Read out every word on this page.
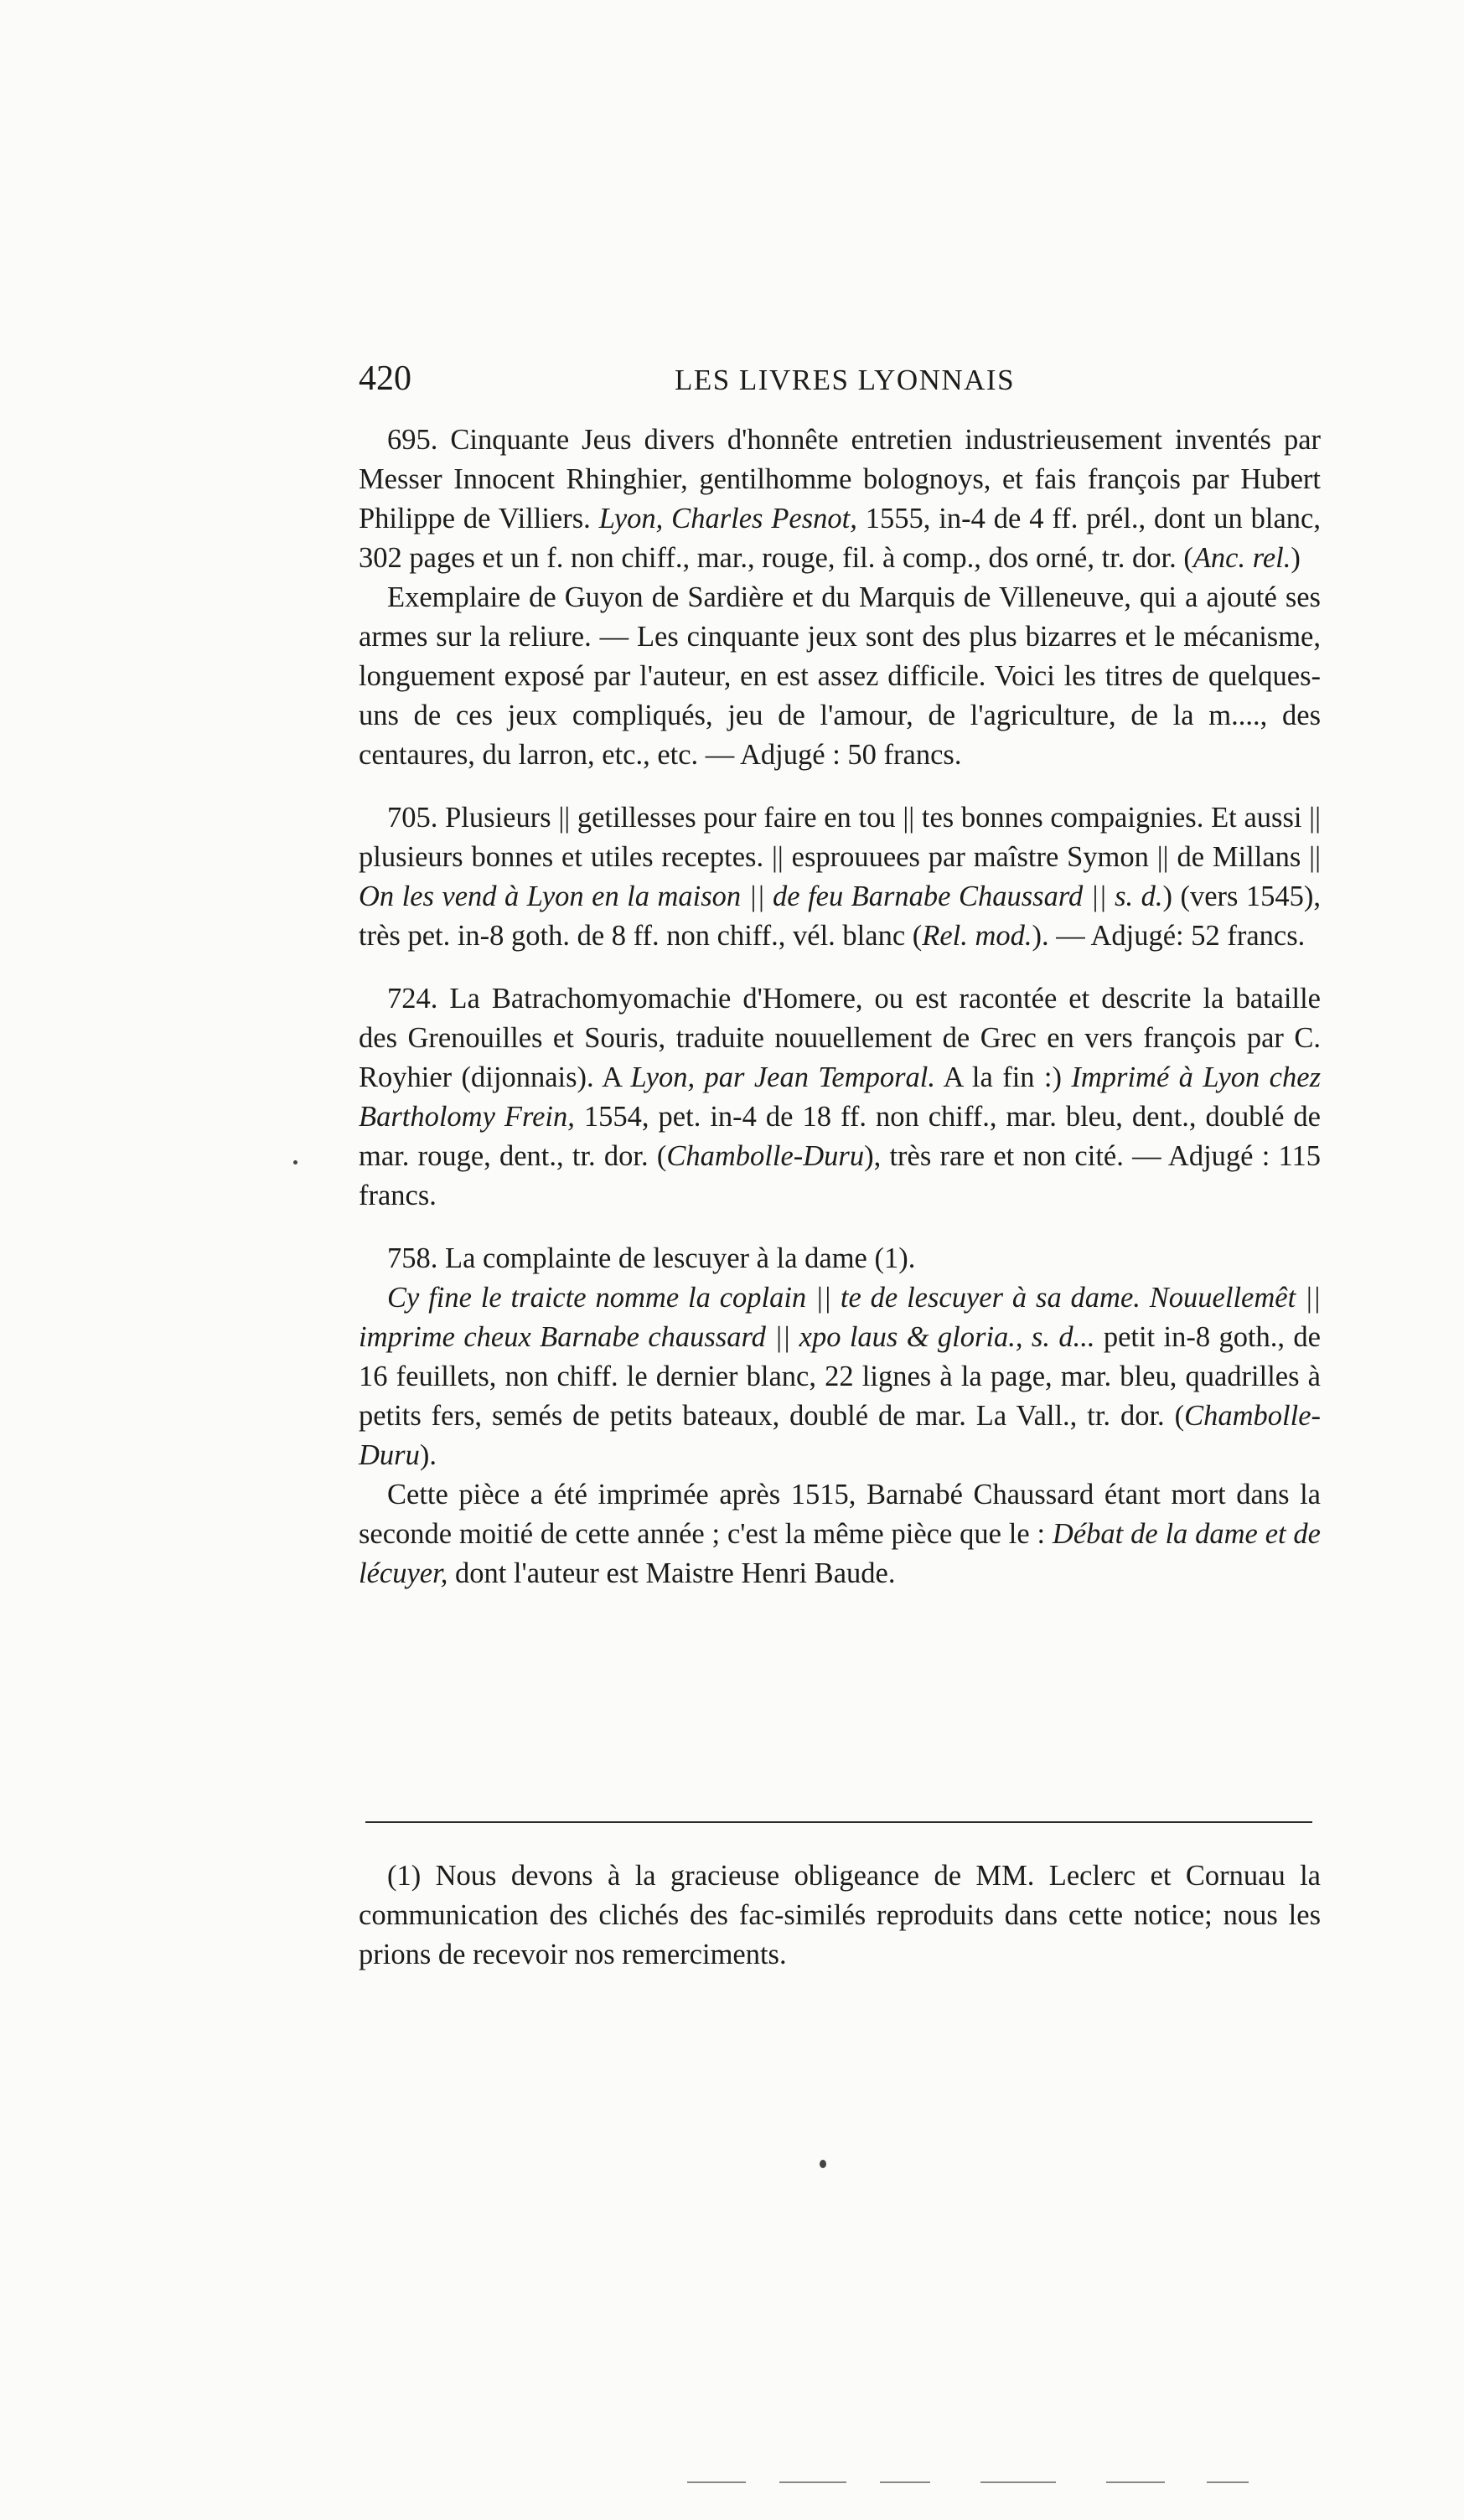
420	LES LIVRES LYONNAIS

695. Cinquante Jeus divers d'honnête entretien industrieusement inventés par Messer Innocent Rhinghier, gentilhomme bolognoys, et fais françois par Hubert Philippe de Villiers. Lyon, Charles Pesnot, 1555, in-4 de 4 ff. prél., dont un blanc, 302 pages et un f. non chiff., mar., rouge, fil. à comp., dos orné, tr. dor. (Anc. rel.)

Exemplaire de Guyon de Sardière et du Marquis de Villeneuve, qui a ajouté ses armes sur la reliure. — Les cinquante jeux sont des plus bizarres et le mécanisme, longuement exposé par l'auteur, en est assez difficile. Voici les titres de quelques-uns de ces jeux compliqués, jeu de l'amour, de l'agriculture, de la m...., des centaures, du larron, etc., etc. — Adjugé : 50 francs.

705. Plusieurs || getillesses pour faire en tou || tes bonnes compaignies. Et aussi || plusieurs bonnes et utiles receptes. || esprouuees par maîstre Symon || de Millans || On les vend à Lyon en la maison || de feu Barnabe Chaussard || s. d.) (vers 1545), très pet. in-8 goth. de 8 ff. non chiff., vél. blanc (Rel. mod.). — Adjugé: 52 francs.

724. La Batrachomyomachie d'Homere, ou est racontée et descrite la bataille des Grenouilles et Souris, traduite nouuellement de Grec en vers françois par C. Royhier (dijonnais). A Lyon, par Jean Temporal. A la fin :) Imprimé à Lyon chez Bartholomy Frein, 1554, pet. in-4 de 18 ff. non chiff., mar. bleu, dent., doublé de mar. rouge, dent., tr. dor. (Chambolle-Duru), très rare et non cité. — Adjugé : 115 francs.

758. La complainte de lescuyer à la dame (1).

Cy fine le traicte nomme la coplain || te de lescuyer à sa dame. Nouuellemêt || imprime cheux Barnabe chaussard || xpo laus & gloria., s. d... petit in-8 goth., de 16 feuillets, non chiff. le dernier blanc, 22 lignes à la page, mar. bleu, quadrilles à petits fers, semés de petits bateaux, doublé de mar. La Vall., tr. dor. (Chambolle-Duru).

Cette pièce a été imprimée après 1515, Barnabé Chaussard étant mort dans la seconde moitié de cette année ; c'est la même pièce que le : Débat de la dame et de lécuyer, dont l'auteur est Maistre Henri Baude.

(1) Nous devons à la gracieuse obligeance de MM. Leclerc et Cornuau la communication des clichés des fac-similés reproduits dans cette notice; nous les prions de recevoir nos remerciments.
